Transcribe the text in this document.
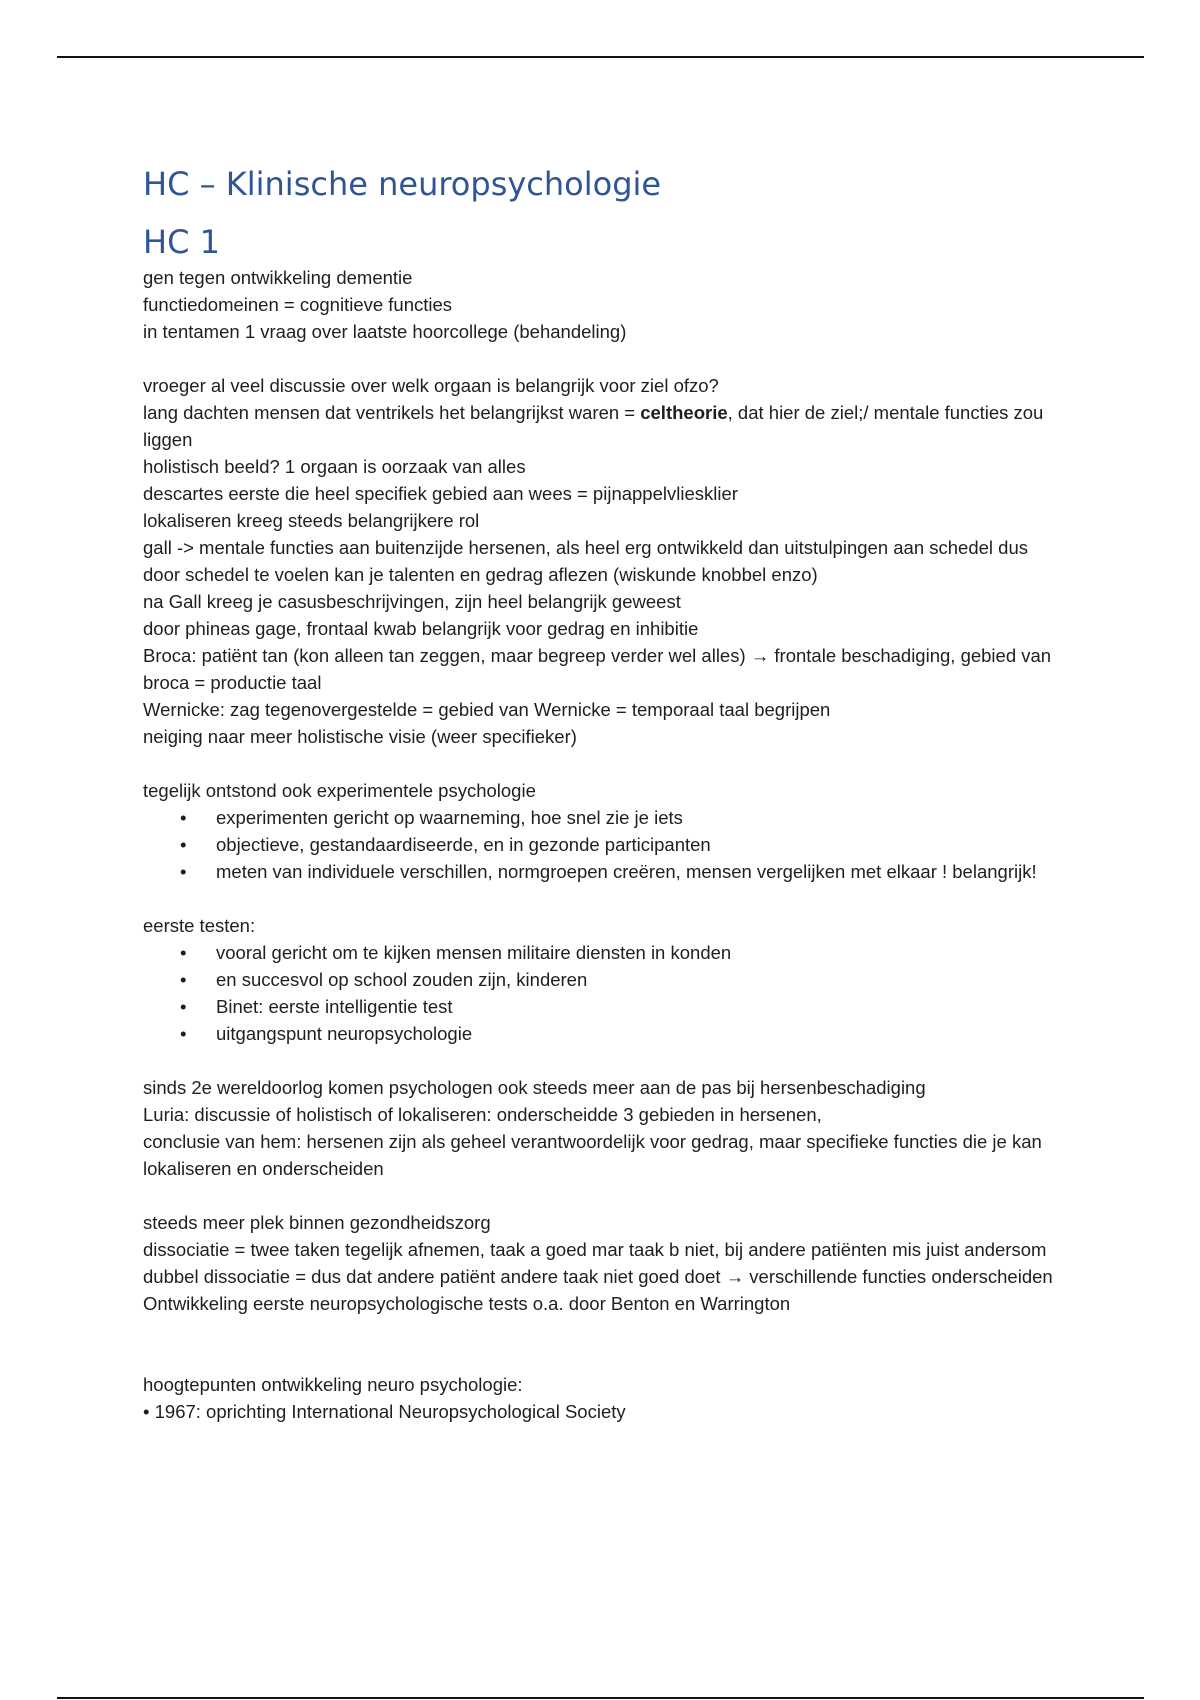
HC – Klinische neuropsychologie
HC 1

gen tegen ontwikkeling dementie

functiedomeinen = cognitieve functies

in tentamen 1 vraag over laatste hoorcollege (behandeling)

vroeger al veel discussie over welk orgaan is belangrijk voor ziel ofzo?

lang dachten mensen dat ventrikels het belangrijkst waren = celtheorie, dat hier de ziel;/ mentale functies zou liggen

holistisch beeld? 1 orgaan is oorzaak van alles

descartes eerste die heel specifiek gebied aan wees = pijnappelvliesklier

lokaliseren kreeg steeds belangrijkere rol

gall -> mentale functies aan buitenzijde hersenen, als heel erg ontwikkeld dan uitstulpingen aan schedel dus door schedel te voelen kan je talenten en gedrag aflezen (wiskunde knobbel enzo)

na Gall kreeg je casusbeschrijvingen, zijn heel belangrijk geweest

door phineas gage, frontaal kwab belangrijk voor gedrag en inhibitie

Broca: patiënt tan (kon alleen tan zeggen, maar begreep verder wel alles) → frontale beschadiging, gebied van broca = productie taal

Wernicke: zag tegenovergestelde = gebied van Wernicke = temporaal taal begrijpen

neiging naar meer holistische visie (weer specifieker)

tegelijk ontstond ook experimentele psychologie

• experimenten gericht op waarneming, hoe snel zie je iets
• objectieve, gestandaardiseerde, en in gezonde participanten
• meten van individuele verschillen, normgroepen creëren, mensen vergelijken met elkaar ! belangrijk!

eerste testen:

• vooral gericht om te kijken mensen militaire diensten in konden
• en succesvol op school zouden zijn, kinderen
• Binet: eerste intelligentie test
• uitgangspunt neuropsychologie

sinds 2e wereldoorlog komen psychologen ook steeds meer aan de pas bij hersenbeschadiging

Luria: discussie of holistisch of lokaliseren: onderscheidde 3 gebieden in hersenen,

conclusie van hem: hersenen zijn als geheel verantwoordelijk voor gedrag, maar specifieke functies die je kan lokaliseren en onderscheiden

steeds meer plek binnen gezondheidszorg

dissociatie = twee taken tegelijk afnemen, taak a goed mar taak b niet, bij andere patiënten mis juist andersom

dubbel dissociatie = dus dat andere patiënt andere taak niet goed doet → verschillende functies onderscheiden

Ontwikkeling eerste neuropsychologische tests o.a. door Benton en Warrington

hoogtepunten ontwikkeling neuro psychologie:

• 1967: oprichting International Neuropsychological Society
